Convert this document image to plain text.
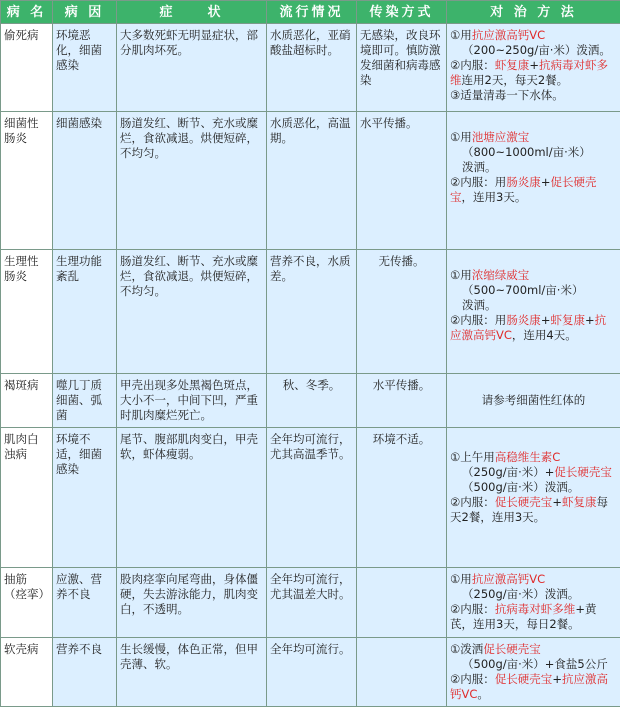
病 名	病 因	症　　状	流行情况	传染方式	对 治 方 法
偷死病	环境恶化，细菌感染	大多数死虾无明显症状，部分肌肉坏死。	水质恶化，亚硝酸盐超标时。	无感染，改良环境即可。慎防激发细菌和病毒感染	①用抗应激高钙VC
（200~250g/亩·米）泼洒。
②内服：虾复康+抗病毒对虾多维连用2天，每天2餐。
③适量清毒一下水体。

细菌性肠炎	细菌感染	肠道发红、断节、充水或糜烂，食欲减退。烘便短碎，不均匀。	水质恶化，高温期。	水平传播。	①用池塘应激宝
（800~1000ml/亩·米）
泼洒。
②内服：用肠炎康+促长硬壳宝，连用3天。

生理性肠炎	生理功能紊乱	肠道发红、断节、充水或糜烂，食欲减退。烘便短碎，不均匀。	营养不良，水质差。	无传播。	①用浓缩绿威宝
（500~700ml/亩·米）
泼洒。
②内服：用肠炎康+虾复康+抗应激高钙VC，连用4天。

褐斑病	噬几丁质细菌、弧菌	甲壳出现多处黑褐色斑点，大小不一，中间下凹，严重时肌肉糜烂死亡。	秋、冬季。	水平传播。	请参考细菌性红体的
肌肉白浊病	环境不适，细菌感染	尾节、腹部肌肉变白，甲壳软，虾体瘦弱。	全年均可流行，尤其高温季节。	环境不适。	①上午用高稳维生素C
（250g/亩·米）+促长硬壳宝（500g/亩·米）泼洒。
②内服：促长硬壳宝+虾复康每天2餐，连用3天。

抽筋（痉挛）	应激、营养不良	股肉痉挛向尾弯曲，身体僵硬，失去游泳能力，肌肉变白，不透明。	全年均可流行，尤其温差大时。		①用抗应激高钙VC
（250g/亩·米）泼洒。
②内服：抗病毒对虾多维+黄芪，连用3天，每日2餐。

软壳病	营养不良	生长缓慢，体色正常，但甲壳薄、软。	全年均可流行。		①泼洒促长硬壳宝
（500g/亩·米）+食盐5公斤
②内服：促长硬壳宝+抗应激高钙VC。
